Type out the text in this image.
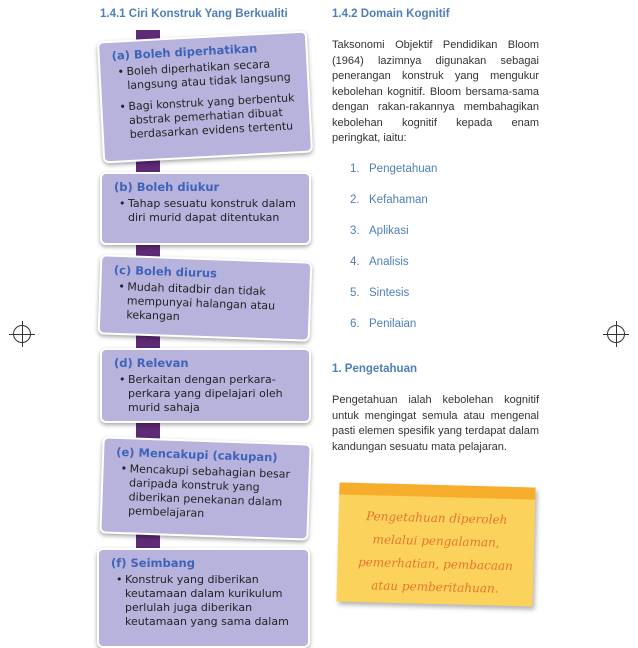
1.4.1 Ciri Konstruk Yang Berkualiti	1.4.2 Domain Kognitif
(a) Boleh diperhatikan
• Boleh diperhatikan secara langsung atau tidak langsung
• Bagi konstruk yang berbentuk abstrak pemerhatian dibuat berdasarkan evidens tertentu
(b) Boleh diukur
• Tahap sesuatu konstruk dalam diri murid dapat ditentukan
(c) Boleh diurus
• Mudah ditadbir dan tidak mempunyai halangan atau kekangan
(d) Relevan
• Berkaitan dengan perkara-perkara yang dipelajari oleh murid sahaja
(e) Mencakupi (cakupan)
• Mencakupi sebahagian besar daripada konstruk yang diberikan penekanan dalam pembelajaran
(f) Seimbang
• Konstruk yang diberikan keutamaan dalam kurikulum perlulah juga diberikan keutamaan yang sama dalam

Taksonomi Objektif Pendidikan Bloom (1964) lazimnya digunakan sebagai penerangan konstruk yang mengukur kebolehan kognitif. Bloom bersama-sama dengan rakan-rakannya membahagikan kebolehan kognitif kepada enam peringkat, iaitu:

1. Pengetahuan
2. Kefahaman
3. Aplikasi
4. Analisis
5. Sintesis
6. Penilaian
1. Pengetahuan

Pengetahuan ialah kebolehan kognitif untuk mengingat semula atau mengenal pasti elemen spesifik yang terdapat dalam kandungan sesuatu mata pelajaran.

Pengetahuan diperoleh
melalui pengalaman,
pemerhatian, pembacaan
atau pemberitahuan.
